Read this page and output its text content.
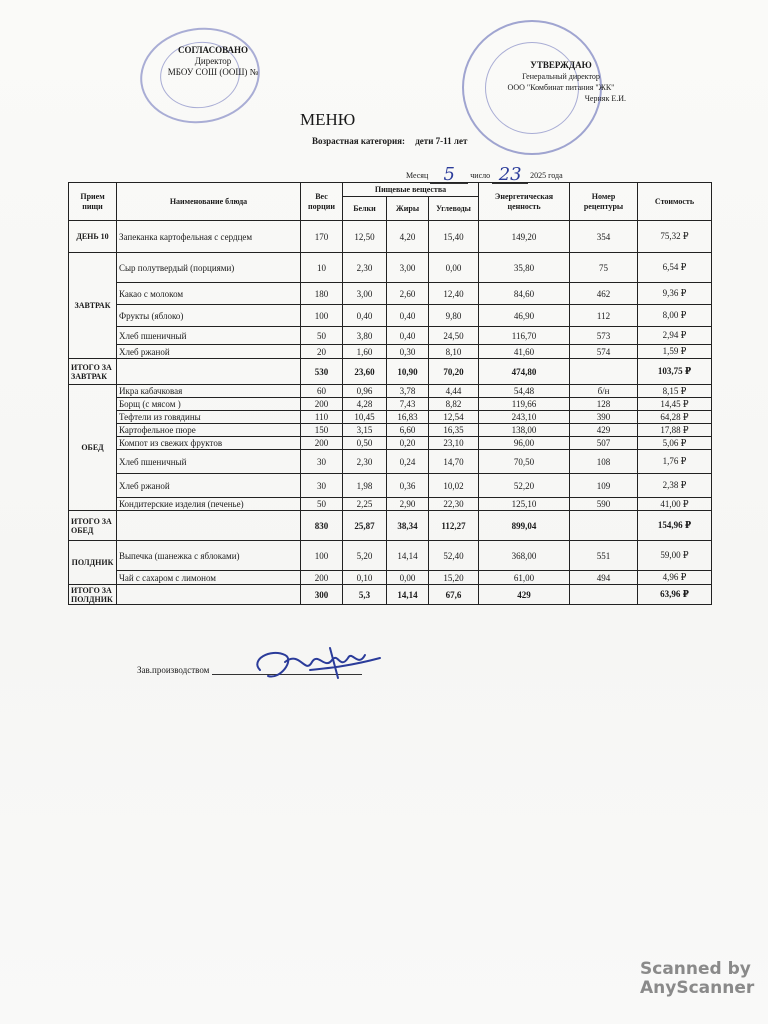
СОГЛАСОВАНО
Директор
МБОУ СОШ (ООШ) №
УТВЕРЖДАЮ
Генеральный директор
ООО "Комбинат питания "ЖК"
Черняк Е.И.
МЕНЮ
Возрастная категория: дети 7-11 лет
Месяц 5 число 23 2025 года
Прием пищи	Наименование блюда	Вес порции	Пищевые вещества			Энергетическая ценность	Номер рецептуры	Стоимость
			Белки	Жиры	Углеводы			
ДЕНЬ 10	Запеканка картофельная с сердцем	170	12,50	4,20	15,40	149,20	354	75,32 ₽
ЗАВТРАК	Сыр полутвердый (порциями)	10	2,30	3,00	0,00	35,80	75	6,54 ₽
	Какао с молоком	180	3,00	2,60	12,40	84,60	462	9,36 ₽
	Фрукты (яблоко)	100	0,40	0,40	9,80	46,90	112	8,00 ₽
	Хлеб пшеничный	50	3,80	0,40	24,50	116,70	573	2,94 ₽
	Хлеб ржаной	20	1,60	0,30	8,10	41,60	574	1,59 ₽
ИТОГО ЗА ЗАВТРАК		530	23,60	10,90	70,20	474,80		103,75 ₽
ОБЕД	Икра кабачковая	60	0,96	3,78	4,44	54,48	б/н	8,15 ₽
	Борщ (с мясом )	200	4,28	7,43	8,82	119,66	128	14,45 ₽
	Тефтели из говядины	110	10,45	16,83	12,54	243,10	390	64,28 ₽
	Картофельное пюре	150	3,15	6,60	16,35	138,00	429	17,88 ₽
	Компот из свежих фруктов	200	0,50	0,20	23,10	96,00	507	5,06 ₽
	Хлеб пшеничный	30	2,30	0,24	14,70	70,50	108	1,76 ₽
	Хлеб ржаной	30	1,98	0,36	10,02	52,20	109	2,38 ₽
	Кондитерские изделия (печенье)	50	2,25	2,90	22,30	125,10	590	41,00 ₽
ИТОГО ЗА ОБЕД		830	25,87	38,34	112,27	899,04		154,96 ₽
ПОЛДНИК	Выпечка (шанежка с яблоками)	100	5,20	14,14	52,40	368,00	551	59,00 ₽
	Чай с сахаром с лимоном	200	0,10	0,00	15,20	61,00	494	4,96 ₽
ИТОГО ЗА ПОЛДНИК		300	5,3	14,14	67,6	429		63,96 ₽
Зав.производством
Scanned by
AnyScanner
